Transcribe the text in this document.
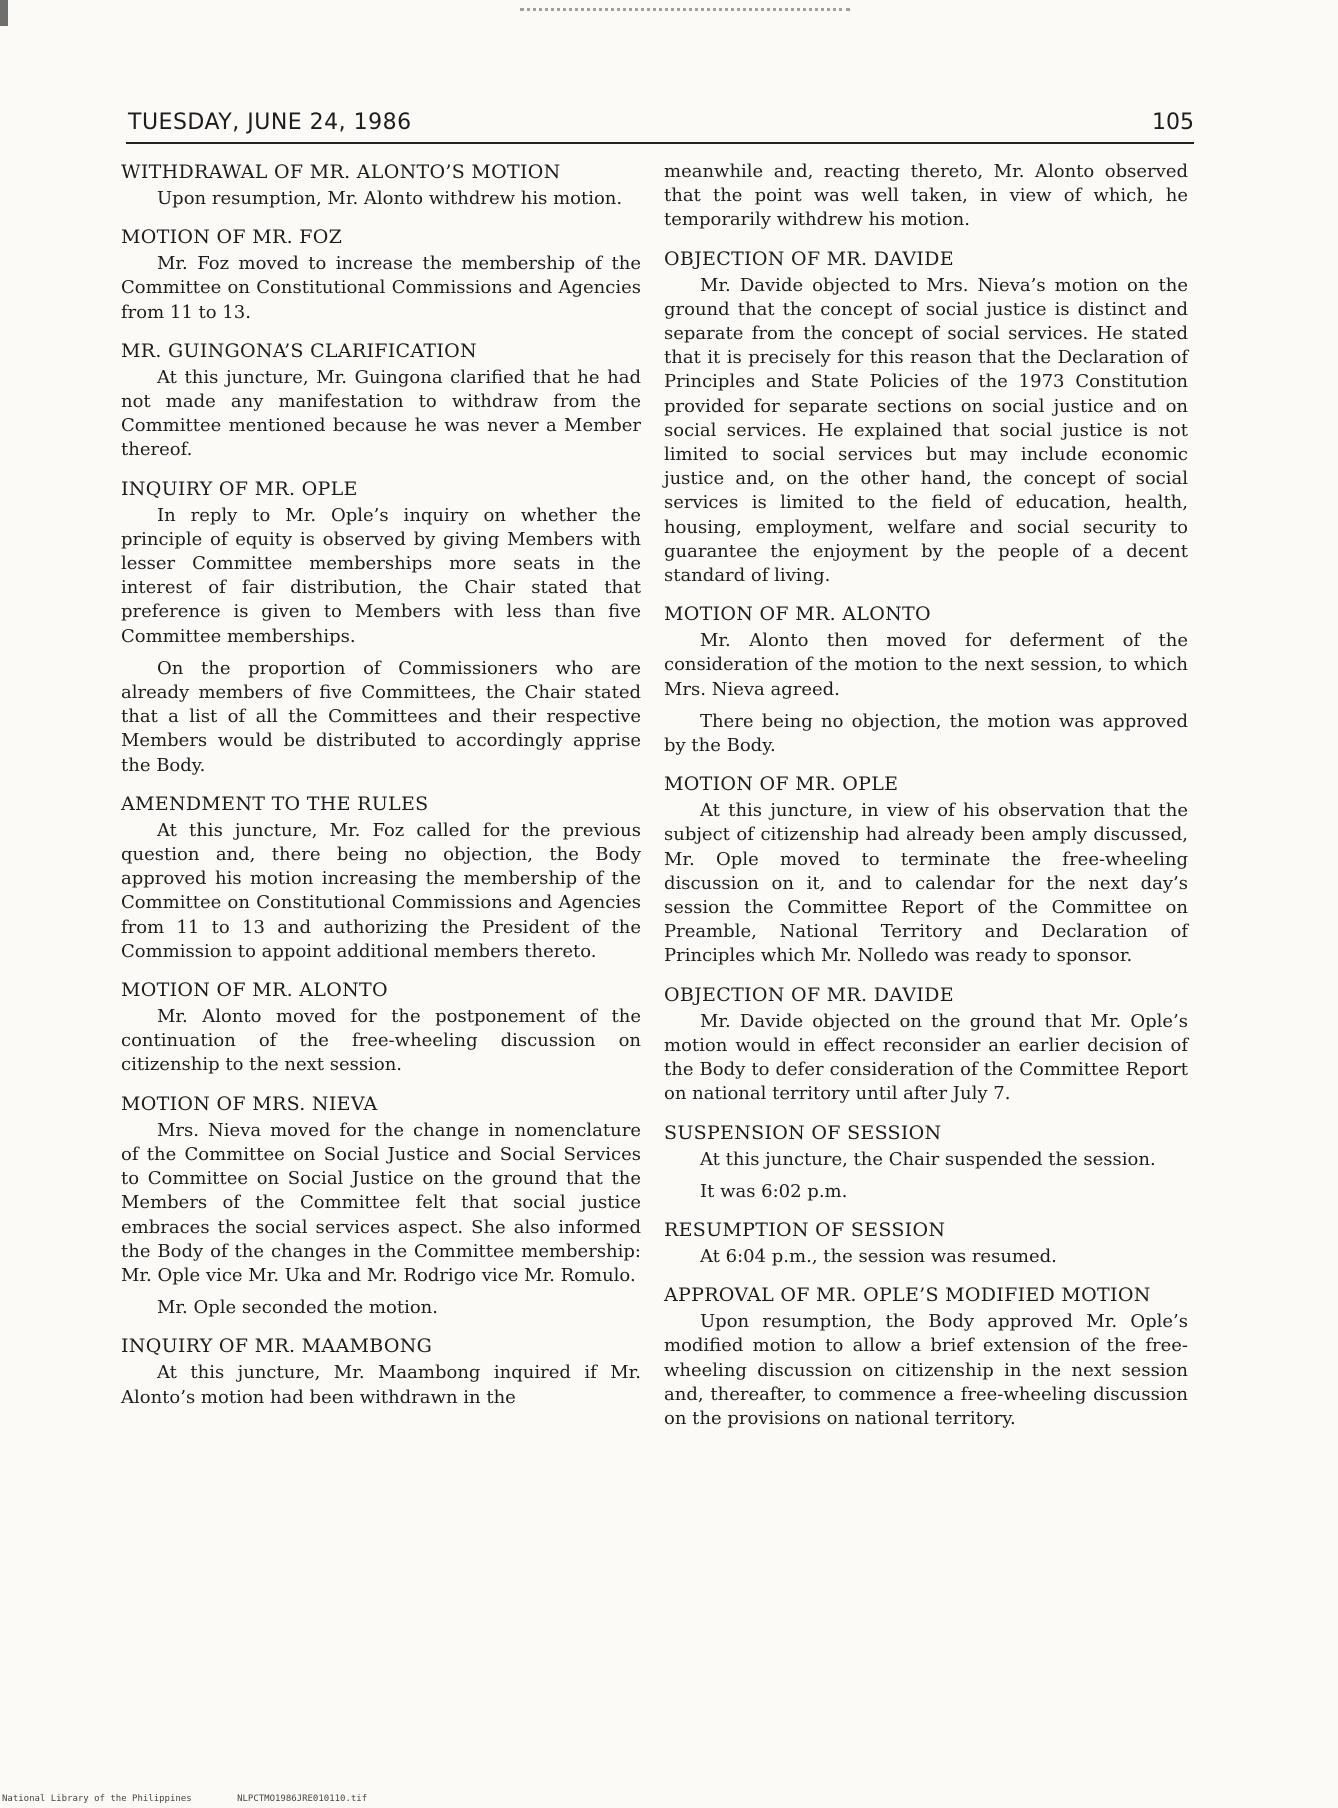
TUESDAY, JUNE 24, 1986	105
WITHDRAWAL OF MR. ALONTO’S MOTION
Upon resumption, Mr. Alonto withdrew his motion.
MOTION OF MR. FOZ
Mr. Foz moved to increase the membership of the Committee on Constitutional Commissions and Agencies from 11 to 13.
MR. GUINGONA’S CLARIFICATION
At this juncture, Mr. Guingona clarified that he had not made any manifestation to withdraw from the Committee mentioned because he was never a Member thereof.
INQUIRY OF MR. OPLE
In reply to Mr. Ople’s inquiry on whether the principle of equity is observed by giving Members with lesser Committee memberships more seats in the interest of fair distribution, the Chair stated that preference is given to Members with less than five Committee memberships.
On the proportion of Commissioners who are already members of five Committees, the Chair stated that a list of all the Committees and their respective Members would be distributed to accordingly apprise the Body.
AMENDMENT TO THE RULES
At this juncture, Mr. Foz called for the previous question and, there being no objection, the Body approved his motion increasing the membership of the Committee on Constitutional Commissions and Agencies from 11 to 13 and authorizing the President of the Commission to appoint additional members thereto.
MOTION OF MR. ALONTO
Mr. Alonto moved for the postponement of the continuation of the free-wheeling discussion on citizenship to the next session.
MOTION OF MRS. NIEVA
Mrs. Nieva moved for the change in nomenclature of the Committee on Social Justice and Social Services to Committee on Social Justice on the ground that the Members of the Committee felt that social justice embraces the social services aspect. She also informed the Body of the changes in the Committee membership: Mr. Ople vice Mr. Uka and Mr. Rodrigo vice Mr. Romulo.
Mr. Ople seconded the motion.
INQUIRY OF MR. MAAMBONG
At this juncture, Mr. Maambong inquired if Mr. Alonto’s motion had been withdrawn in the
meanwhile and, reacting thereto, Mr. Alonto observed that the point was well taken, in view of which, he temporarily withdrew his motion.
OBJECTION OF MR. DAVIDE
Mr. Davide objected to Mrs. Nieva’s motion on the ground that the concept of social justice is distinct and separate from the concept of social services. He stated that it is precisely for this reason that the Declaration of Principles and State Policies of the 1973 Constitution provided for separate sections on social justice and on social services. He explained that social justice is not limited to social services but may include economic justice and, on the other hand, the concept of social services is limited to the field of education, health, housing, employment, welfare and social security to guarantee the enjoyment by the people of a decent standard of living.
MOTION OF MR. ALONTO
Mr. Alonto then moved for deferment of the consideration of the motion to the next session, to which Mrs. Nieva agreed.
There being no objection, the motion was approved by the Body.
MOTION OF MR. OPLE
At this juncture, in view of his observation that the subject of citizenship had already been amply discussed, Mr. Ople moved to terminate the free-wheeling discussion on it, and to calendar for the next day’s session the Committee Report of the Committee on Preamble, National Territory and Declaration of Principles which Mr. Nolledo was ready to sponsor.
OBJECTION OF MR. DAVIDE
Mr. Davide objected on the ground that Mr. Ople’s motion would in effect reconsider an earlier decision of the Body to defer consideration of the Committee Report on national territory until after July 7.
SUSPENSION OF SESSION
At this juncture, the Chair suspended the session.
It was 6:02 p.m.
RESUMPTION OF SESSION
At 6:04 p.m., the session was resumed.
APPROVAL OF MR. OPLE’S MODIFIED MOTION
Upon resumption, the Body approved Mr. Ople’s modified motion to allow a brief extension of the free-wheeling discussion on citizenship in the next session and, thereafter, to commence a free-wheeling discussion on the provisions on national territory.
National Library of the Philippines	NLPCTMO1986JRE010110.tif
